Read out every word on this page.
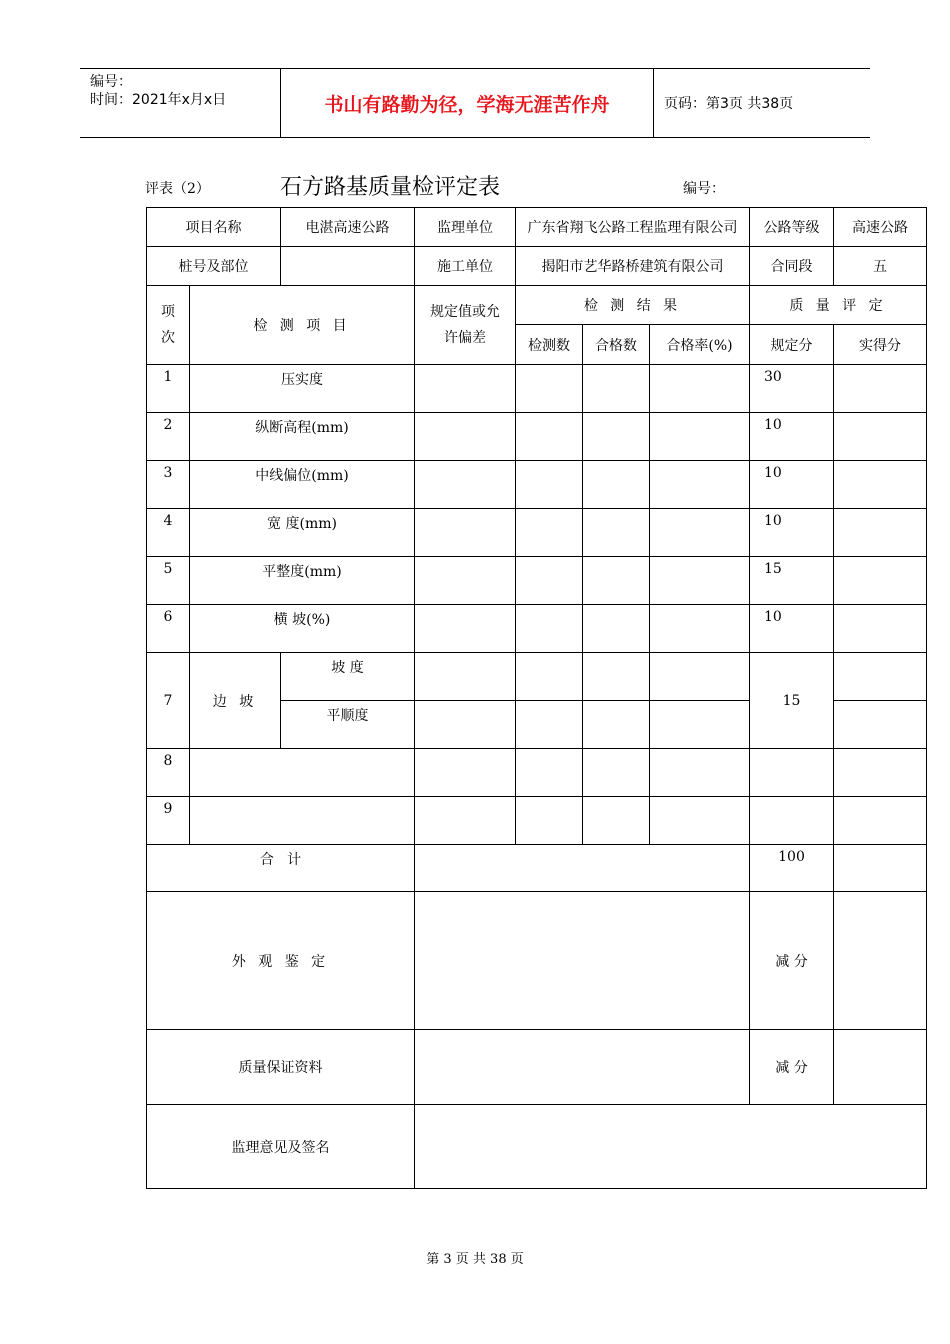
编号：
时间：2021年x月x日	书山有路勤为径，学海无涯苦作舟	页码：第3页 共38页
评表（2）	石方路基质量检评定表	编号：
项目名称		电湛高速公路	监理单位	广东省翔飞公路工程监理有限公司			公路等级	高速公路
桩号及部位			施工单位	揭阳市艺华路桥建筑有限公司			合同段	五

项次	检 测 项 目		规定值或允许偏差	检 测 结 果			质 量 评 定	
				检测数	合格数	合格率(%)	规定分	实得分
1	压实度						30	
2	纵断高程(mm)						10	
3	中线偏位(mm)						10	
4	宽 度(mm)						10	
5	平整度(mm)						15	
6	横 坡(%)						10	
7	边 坡	坡 度					15	
		平顺度						
8								
9								
合   计							100	
外 观 鉴 定							减 分	
质量保证资料							减 分	
监理意见及签名								
第 3 页 共 38 页
